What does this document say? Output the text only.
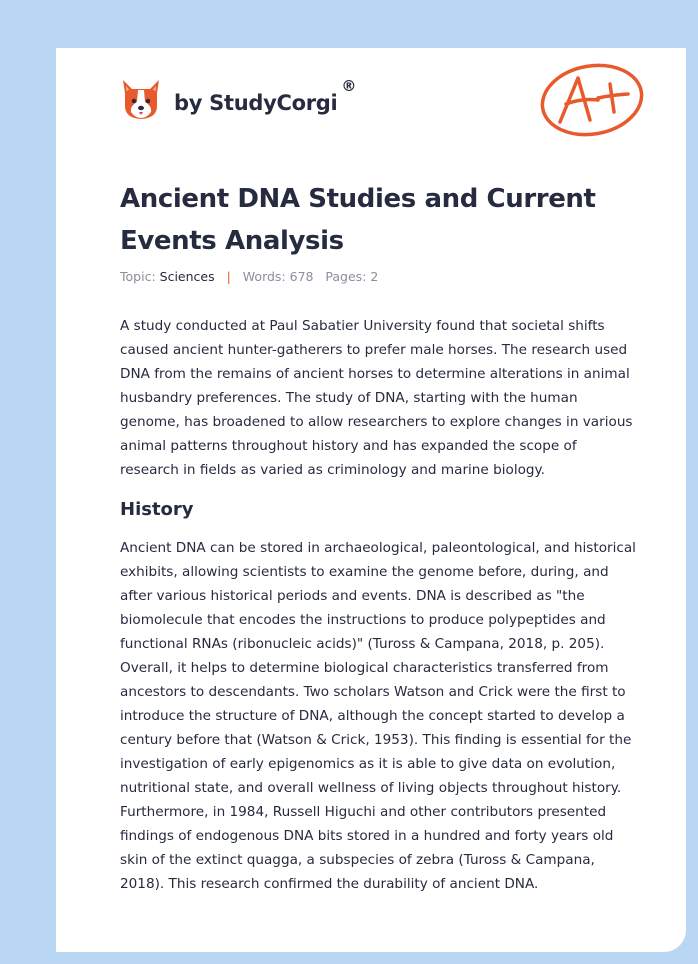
by StudyCorgi
®
Ancient DNA Studies and Current Events Analysis
Topic: Sciences | Words: 678 Pages: 2

A study conducted at Paul Sabatier University found that societal shifts caused ancient hunter-gatherers to prefer male horses. The research used DNA from the remains of ancient horses to determine alterations in animal husbandry preferences. The study of DNA, starting with the human genome, has broadened to allow researchers to explore changes in various animal patterns throughout history and has expanded the scope of research in fields as varied as criminology and marine biology.

History

Ancient DNA can be stored in archaeological, paleontological, and historical exhibits, allowing scientists to examine the genome before, during, and after various historical periods and events. DNA is described as "the biomolecule that encodes the instructions to produce polypeptides and functional RNAs (ribonucleic acids)" (Tuross & Campana, 2018, p. 205). Overall, it helps to determine biological characteristics transferred from ancestors to descendants. Two scholars Watson and Crick were the first to introduce the structure of DNA, although the concept started to develop a century before that (Watson & Crick, 1953). This finding is essential for the investigation of early epigenomics as it is able to give data on evolution, nutritional state, and overall wellness of living objects throughout history. Furthermore, in 1984, Russell Higuchi and other contributors presented findings of endogenous DNA bits stored in a hundred and forty years old skin of the extinct quagga, a subspecies of zebra (Tuross & Campana, 2018). This research confirmed the durability of ancient DNA.
